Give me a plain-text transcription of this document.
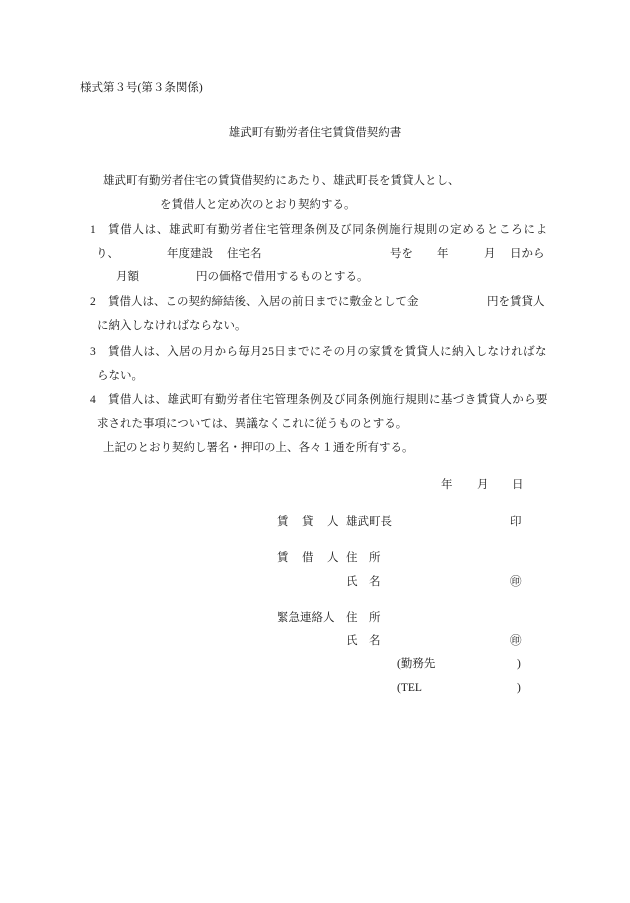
様式第３号(第３条関係)
雄武町有勤労者住宅賃貸借契約書
雄武町有勤労者住宅の賃貸借契約にあたり、雄武町長を賃貸人とし、
を賃借人と定め次のとおり契約する。
1 賃借人は、雄武町有勤労者住宅管理条例及び同条例施行規則の定めるところによ
り、	年度建設 住宅名	号を 年	月 日から
月額	円の価格で借用するものとする。
2 賃借人は、この契約締結後、入居の前日までに敷金として金	円を賃貸人
に納入しなければならない。
3 賃借人は、入居の月から毎月25日までにその月の家賃を賃貸人に納入しなければな
らない。
4 賃借人は、雄武町有勤労者住宅管理条例及び同条例施行規則に基づき賃貸人から要
求された事項については、異議なくこれに従うものとする。
上記のとおり契約し署名・押印の上、各々１通を所有する。
年 月 日
賃　貸　人 雄武町長	印
賃　借　人 住　所
氏　名	㊞
緊急連絡人 住　所
氏　名	㊞
(勤務先	)
(TEL	)
